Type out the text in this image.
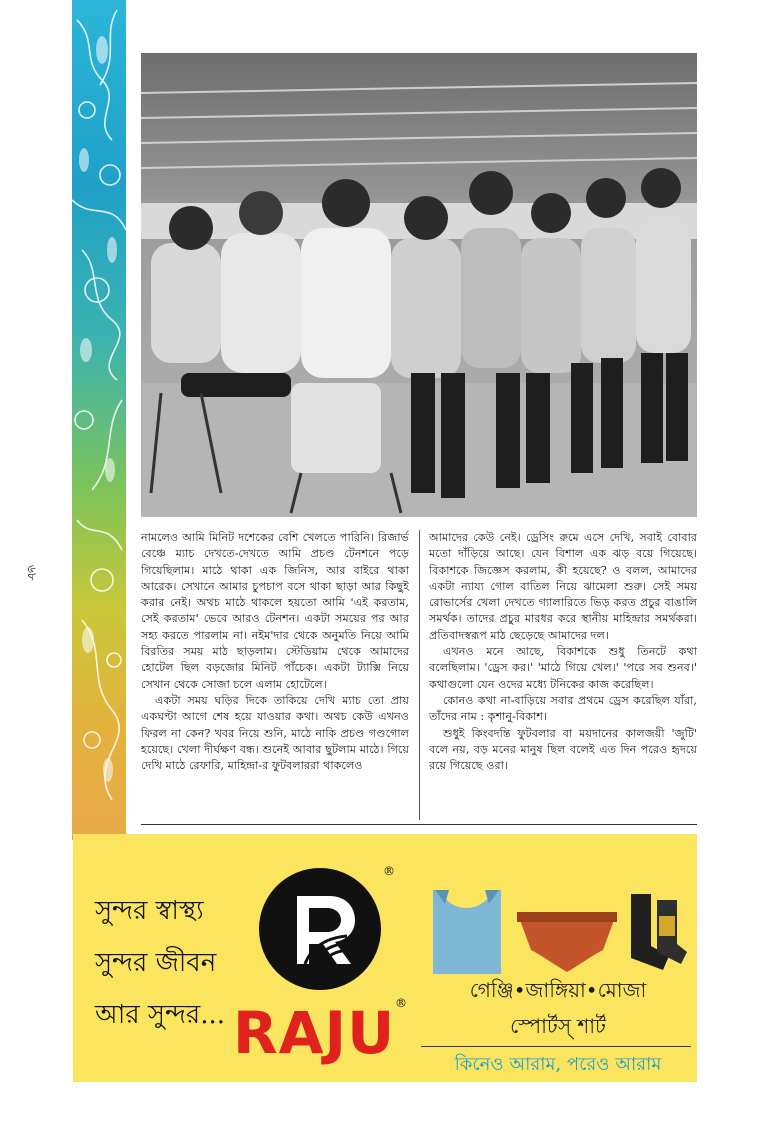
৬৮

নামলেও আমি মিনিট দশেকের বেশি খেলতে পারিনি। রিজার্ভ বেঞ্চে ম্যাচ দেখতে-দেখতে আমি প্রচণ্ড টেনশনে পড়ে গিয়েছিলাম। মাঠে থাকা এক জিনিস, আর বাইরে থাকা আরেক। সেখানে আমার চুপচাপ বসে থাকা ছাড়া আর কিছুই করার নেই। অথচ মাঠে থাকলে হয়তো আমি 'এই করতাম, সেই করতাম' ভেবে আরও টেনশন। একটা সময়ের পর আর সহ্য করতে পারলাম না। নইম'দার থেকে অনুমতি নিয়ে আমি বিরতির সময় মাঠ ছাড়লাম। স্টেডিয়াম থেকে আমাদের হোটেল ছিল বড়জোর মিনিট পাঁচেক। একটা ট্যাক্সি নিয়ে সেখান থেকে সোজা চলে এলাম হোটেলে।

একটা সময় ঘড়ির দিকে তাকিয়ে দেখি ম্যাচ তো প্রায় একঘণ্টা আগে শেষ হয়ে যাওয়ার কথা। অথচ কেউ এখনও ফিরল না কেন? খবর নিয়ে শুনি, মাঠে নাকি প্রচণ্ড গণ্ডগোল হয়েছে। খেলা দীর্ঘক্ষণ বন্ধ। শুনেই আবার ছুটলাম মাঠে। গিয়ে দেখি মাঠে রেফারি, মাহিন্দ্রা-র ফুটবলাররা থাকলেও

আমাদের কেউ নেই। ড্রেসিং রুমে এসে দেখি, সবাই বোবার মতো দাঁড়িয়ে আছে। যেন বিশাল এক ঝড় বয়ে গিয়েছে। বিকাশকে জিজ্ঞেস করলাম, কী হয়েছে? ও বলল, আমাদের একটা ন্যায্য গোল বাতিল নিয়ে ঝামেলা শুরু। সেই সময় রোভার্সের খেলা দেখতে গ্যালারিতে ভিড় করত প্রচুর বাঙালি সমর্থক। তাদের প্রচুর মারধর করে স্থানীয় মাহিন্দ্রার সমর্থকরা। প্রতিবাদস্বরূপ মাঠ ছেড়েছে আমাদের দল।

এখনও মনে আছে, বিকাশকে শুধু তিনটে কথা বলেছিলাম। 'ড্রেস কর।' 'মাঠে গিয়ে খেল।' 'পরে সব শুনব।' কথাগুলো যেন ওদের মধ্যে টনিকের কাজ করেছিল।

কোনও কথা না-বাড়িয়ে সবার প্রথমে ড্রেস করেছিল যাঁরা, তাঁদের নাম : কৃশানু-বিকাশ।

শুধুই কিংবদন্তি ফুটবলার বা ময়দানের কালজয়ী 'জুটি' বলে নয়, বড় মনের মানুষ ছিল বলেই এত দিন পরেও হৃদয়ে রয়ে গিয়েছে ওরা।

সুন্দর স্বাস্থ্য
সুন্দর জীবন
আর সুন্দর...
®
RAJU ®
গেঞ্জি•জাঙ্গিয়া•মোজা
স্পোর্টস্ শার্ট
কিনেও আরাম, পরেও আরাম
